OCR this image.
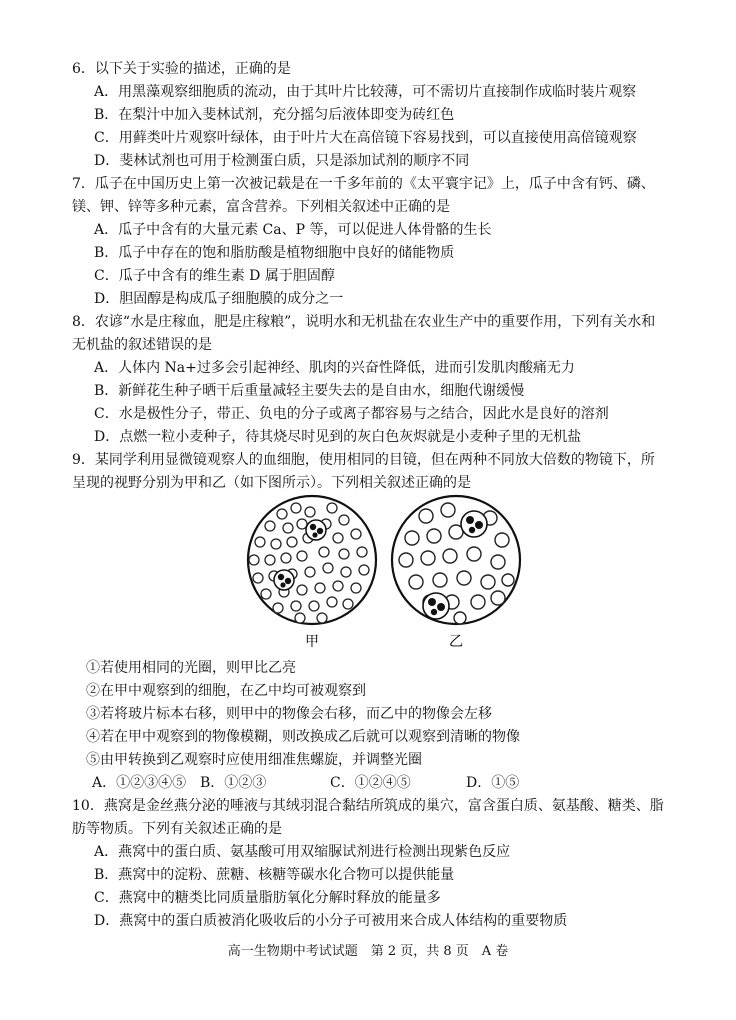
6．以下关于实验的描述，正确的是

A．用黑藻观察细胞质的流动，由于其叶片比较薄，可不需切片直接制作成临时装片观察

B．在梨汁中加入斐林试剂，充分摇匀后液体即变为砖红色

C．用藓类叶片观察叶绿体，由于叶片大在高倍镜下容易找到，可以直接使用高倍镜观察

D．斐林试剂也可用于检测蛋白质，只是添加试剂的顺序不同

7．瓜子在中国历史上第一次被记载是在一千多年前的《太平寰宇记》上，瓜子中含有钙、磷、

镁、钾、锌等多种元素，富含营养。下列相关叙述中正确的是

A．瓜子中含有的大量元素 Ca、P 等，可以促进人体骨骼的生长

B．瓜子中存在的饱和脂肪酸是植物细胞中良好的储能物质

C．瓜子中含有的维生素 D 属于胆固醇

D．胆固醇是构成瓜子细胞膜的成分之一

8．农谚“水是庄稼血，肥是庄稼粮”，说明水和无机盐在农业生产中的重要作用，下列有关水和

无机盐的叙述错误的是

A．人体内 Na+过多会引起神经、肌肉的兴奋性降低，进而引发肌肉酸痛无力

B．新鲜花生种子晒干后重量减轻主要失去的是自由水，细胞代谢缓慢

C．水是极性分子，带正、负电的分子或离子都容易与之结合，因此水是良好的溶剂

D．点燃一粒小麦种子，待其烧尽时见到的灰白色灰烬就是小麦种子里的无机盐

9．某同学利用显微镜观察人的血细胞，使用相同的目镜，但在两种不同放大倍数的物镜下，所

呈现的视野分别为甲和乙（如下图所示）。下列相关叙述正确的是

甲	乙

①若使用相同的光圈，则甲比乙亮

②在甲中观察到的细胞，在乙中均可被观察到

③若将玻片标本右移，则甲中的物像会右移，而乙中的物像会左移

④若在甲中观察到的物像模糊，则改换成乙后就可以观察到清晰的物像

⑤由甲转换到乙观察时应使用细准焦螺旋，并调整光圈

A．①②③④⑤ B．①②③	C．①②④⑤	D．①⑤

10．燕窝是金丝燕分泌的唾液与其绒羽混合黏结所筑成的巢穴，富含蛋白质、氨基酸、糖类、脂

肪等物质。下列有关叙述正确的是

A．燕窝中的蛋白质、氨基酸可用双缩脲试剂进行检测出现紫色反应

B．燕窝中的淀粉、蔗糖、核糖等碳水化合物可以提供能量

C．燕窝中的糖类比同质量脂肪氧化分解时释放的能量多

D．燕窝中的蛋白质被消化吸收后的小分子可被用来合成人体结构的重要物质

高一生物期中考试试题　第 2 页，共 8 页　A 卷
